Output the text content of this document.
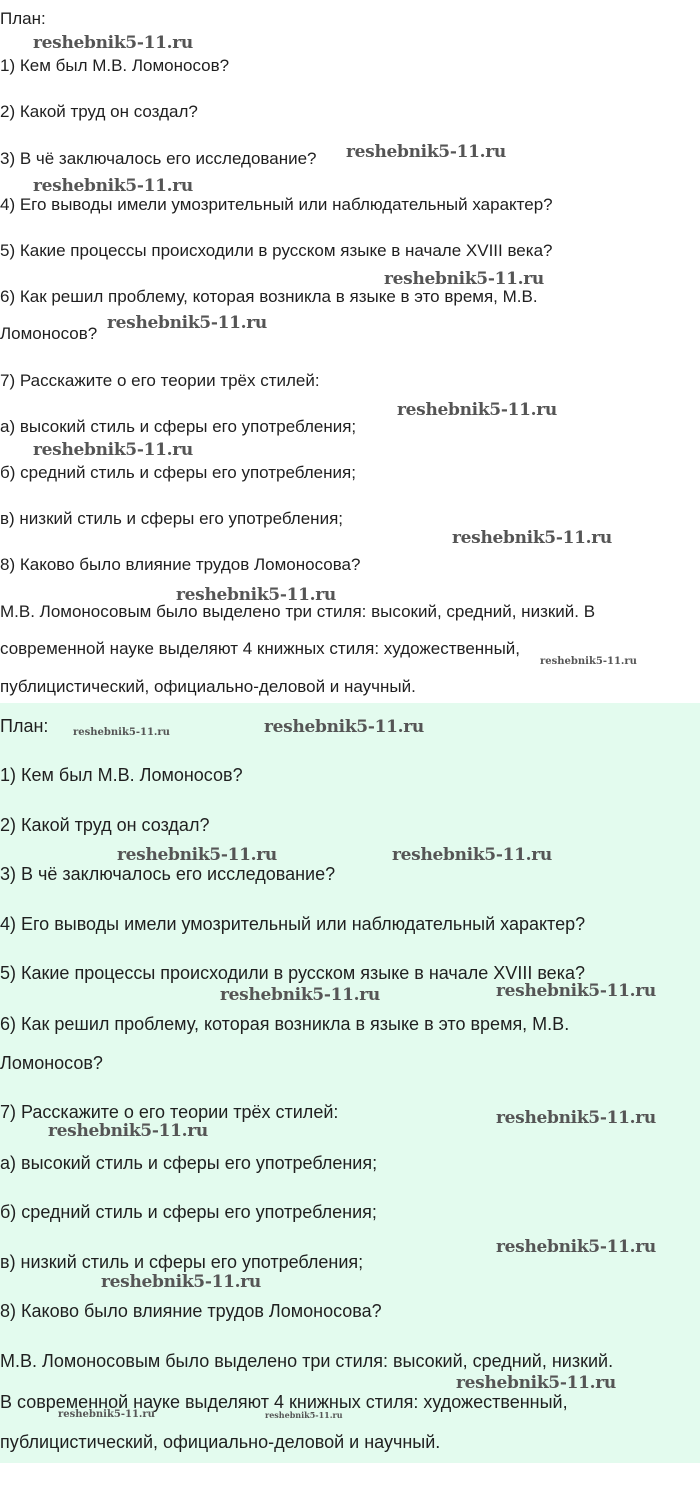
План:

1) Кем был М.В. Ломоносов?

2) Какой труд он создал?

3) В чё заключалось его исследование?

4) Его выводы имели умозрительный или наблюдательный характер?

5) Какие процессы происходили в русском языке в начале XVIII века?

6) Как решил проблему, которая возникла в языке в это время, М.В.

Ломоносов?

7) Расскажите о его теории трёх стилей:

а) высокий стиль и сферы его употребления;

б) средний стиль и сферы его употребления;

в) низкий стиль и сферы его употребления;

8) Каково было влияние трудов Ломоносова?

М.В. Ломоносовым было выделено три стиля: высокий, средний, низкий. В

современной науке выделяют 4 книжных стиля: художественный,

публицистический, официально-деловой и научный.

reshebnik5-11.ru
reshebnik5-11.ru
reshebnik5-11.ru
reshebnik5-11.ru
reshebnik5-11.ru
reshebnik5-11.ru
reshebnik5-11.ru
reshebnik5-11.ru
reshebnik5-11.ru
reshebnik5-11.ru

План:

1) Кем был М.В. Ломоносов?

2) Какой труд он создал?

3) В чё заключалось его исследование?

4) Его выводы имели умозрительный или наблюдательный характер?

5) Какие процессы происходили в русском языке в начале XVIII века?

6) Как решил проблему, которая возникла в языке в это время, М.В.

Ломоносов?

7) Расскажите о его теории трёх стилей:

а) высокий стиль и сферы его употребления;

б) средний стиль и сферы его употребления;

в) низкий стиль и сферы его употребления;

8) Каково было влияние трудов Ломоносова?

М.В. Ломоносовым было выделено три стиля: высокий, средний, низкий.

В современной науке выделяют 4 книжных стиля: художественный,

публицистический, официально-деловой и научный.

reshebnik5-11.ru	reshebnik5-11.ru
reshebnik5-11.ru	reshebnik5-11.ru
reshebnik5-11.ru	reshebnik5-11.ru
reshebnik5-11.ru
reshebnik5-11.ru
reshebnik5-11.ru
reshebnik5-11.ru
reshebnik5-11.ru
reshebnik5-11.ru	reshebnik5-11.ru
